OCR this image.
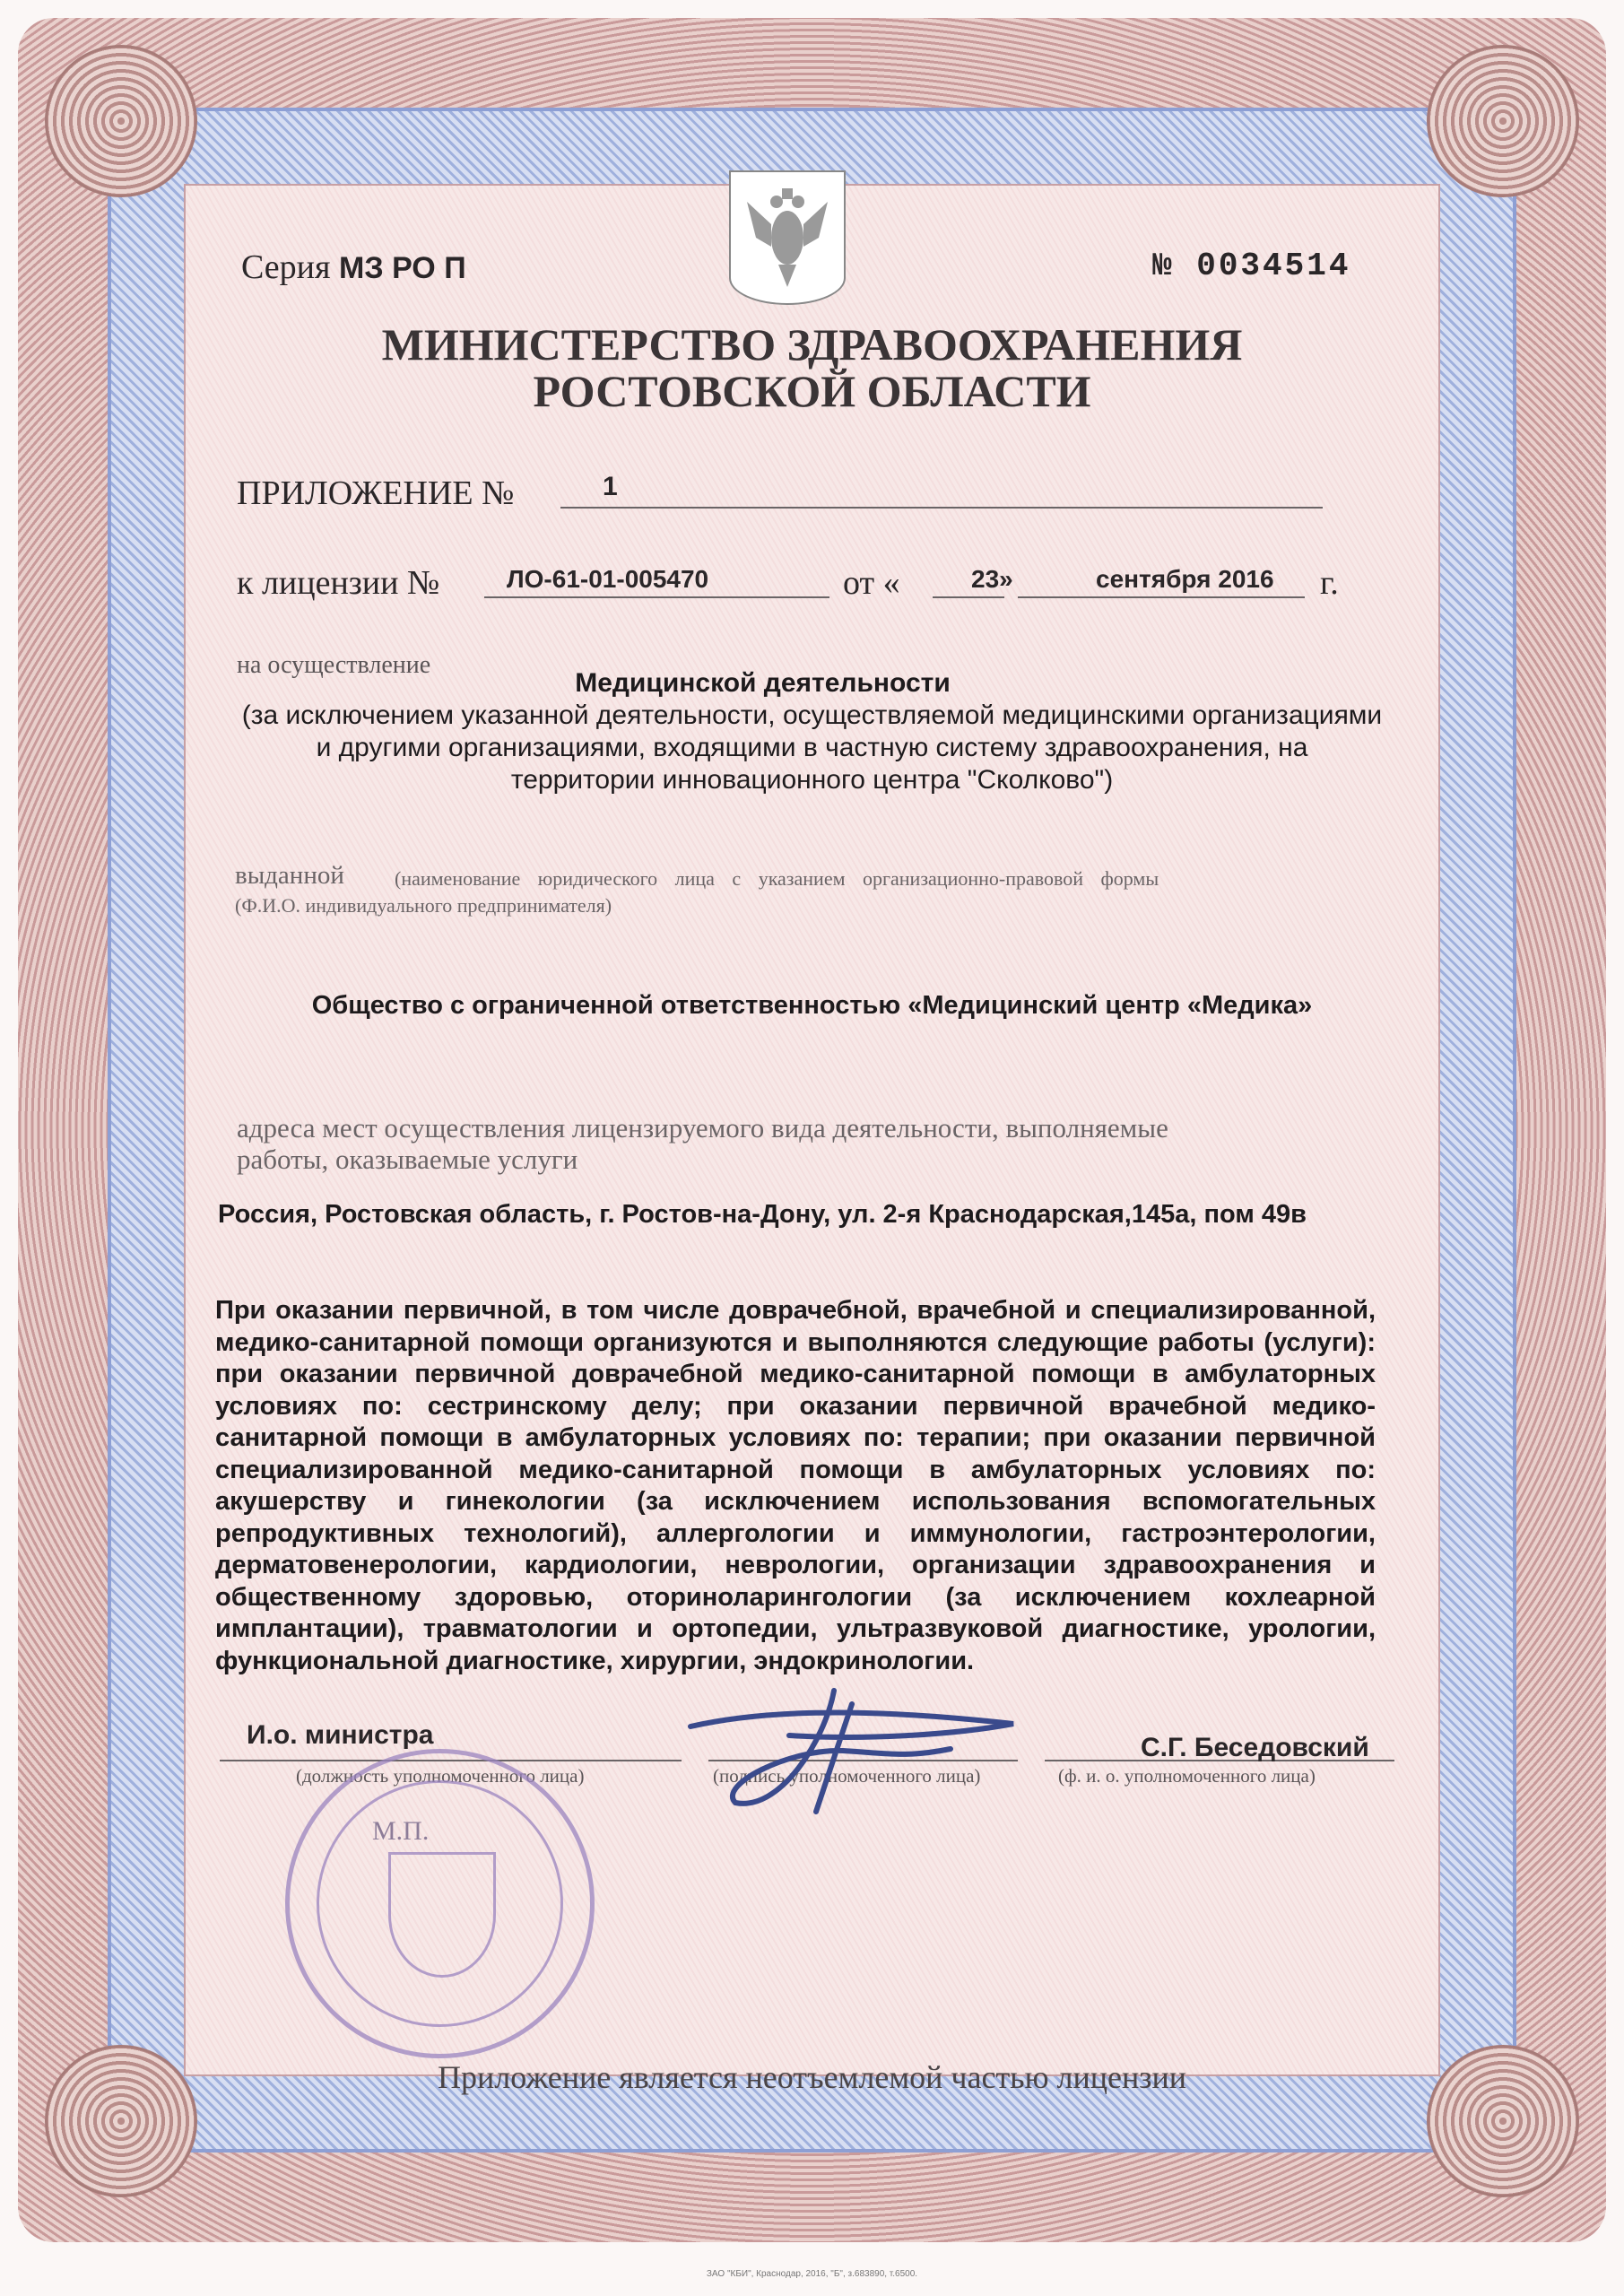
Серия МЗ РО П	№ 0034514
МИНИСТЕРСТВО ЗДРАВООХРАНЕНИЯ
РОСТОВСКОЙ ОБЛАСТИ
ПРИЛОЖЕНИЕ №	1
к лицензии №	ЛО-61-01-005470	от «	23»	сентября 2016 г.
на осуществление
Медицинской деятельности
(за исключением указанной деятельности, осуществляемой медицинскими организациями
и другими организациями, входящими в частную систему здравоохранения, на
территории инновационного центра "Сколково")
выданной	(наименование юридического лица с указанием организационно-правовой формы
(Ф.И.О. индивидуального предпринимателя)
Общество с ограниченной ответственностью «Медицинский центр «Медика»
адреса мест осуществления лицензируемого вида деятельности, выполняемые
работы, оказываемые услуги
Россия, Ростовская область, г. Ростов-на-Дону, ул. 2-я Краснодарская,145а, пом 49в
При оказании первичной, в том числе доврачебной, врачебной и специализированной, медико-санитарной помощи организуются и выполняются следующие работы (услуги): при оказании первичной доврачебной медико-санитарной помощи в амбулаторных условиях по: сестринскому делу; при оказании первичной врачебной медико-санитарной помощи в амбулаторных условиях по: терапии; при оказании первичной специализированной медико-санитарной помощи в амбулаторных условиях по: акушерству и гинекологии (за исключением использования вспомогательных репродуктивных технологий), аллергологии и иммунологии, гастроэнтерологии, дерматовенерологии, кардиологии, неврологии, организации здравоохранения и общественному здоровью, оториноларингологии (за исключением кохлеарной имплантации), травматологии и ортопедии, ультразвуковой диагностике, урологии, функциональной диагностике, хирургии, эндокринологии.
И.о. министра	С.Г. Беседовский
(должность уполномоченного лица)	(подпись уполномоченного лица)	(ф. и. о. уполномоченного лица)
М.П.
Приложение является неотъемлемой частью лицензии
ЗАО "КБИ", Краснодар, 2016, "Б", з.683890, т.6500.
